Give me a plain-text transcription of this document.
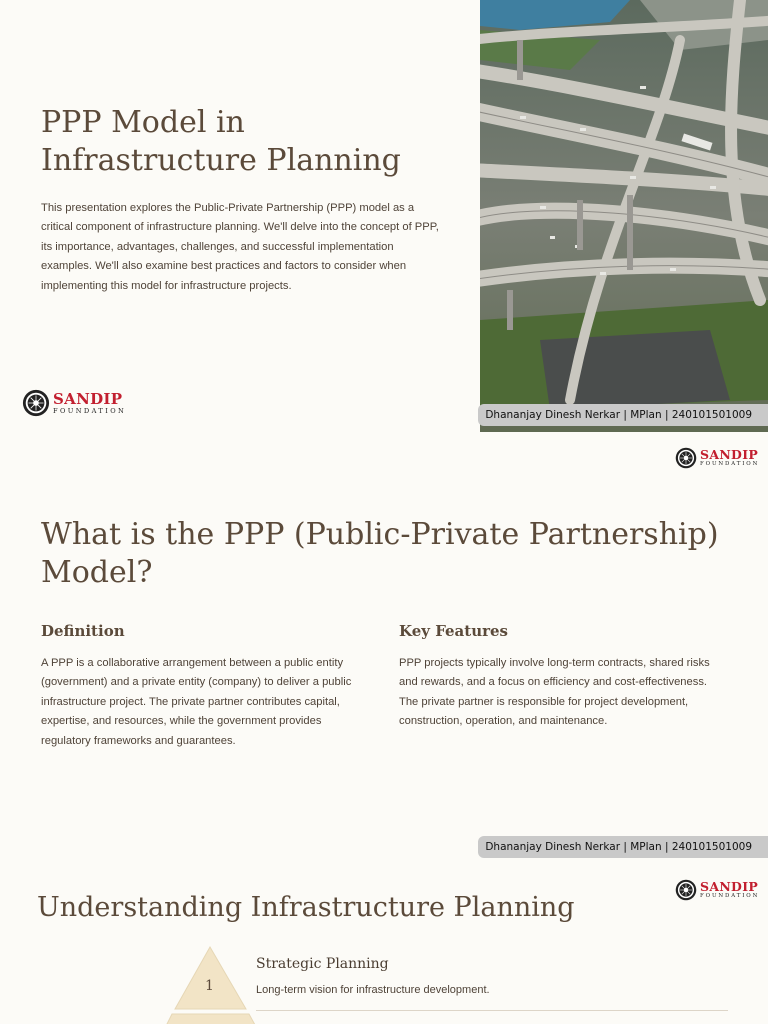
PPP Model in Infrastructure Planning

This presentation explores the Public-Private Partnership (PPP) model as a critical component of infrastructure planning. We'll delve into the concept of PPP, its importance, advantages, challenges, and successful implementation examples. We'll also examine best practices and factors to consider when implementing this model for infrastructure projects.

SANDIP
FOUNDATION	Dhananjay Dinesh Nerkar | MPlan | 240101501009
SANDIP
FOUNDATION
What is the PPP (Public-Private Partnership) Model?
Definition

A PPP is a collaborative arrangement between a public entity (government) and a private entity (company) to deliver a public infrastructure project. The private partner contributes capital, expertise, and resources, while the government provides regulatory frameworks and guarantees.

Key Features

PPP projects typically involve long-term contracts, shared risks and rewards, and a focus on efficiency and cost-effectiveness. The private partner is responsible for project development, construction, operation, and maintenance.

Dhananjay Dinesh Nerkar | MPlan | 240101501009
SANDIP
FOUNDATION
Understanding Infrastructure Planning
1
Strategic Planning
Long-term vision for infrastructure development.
